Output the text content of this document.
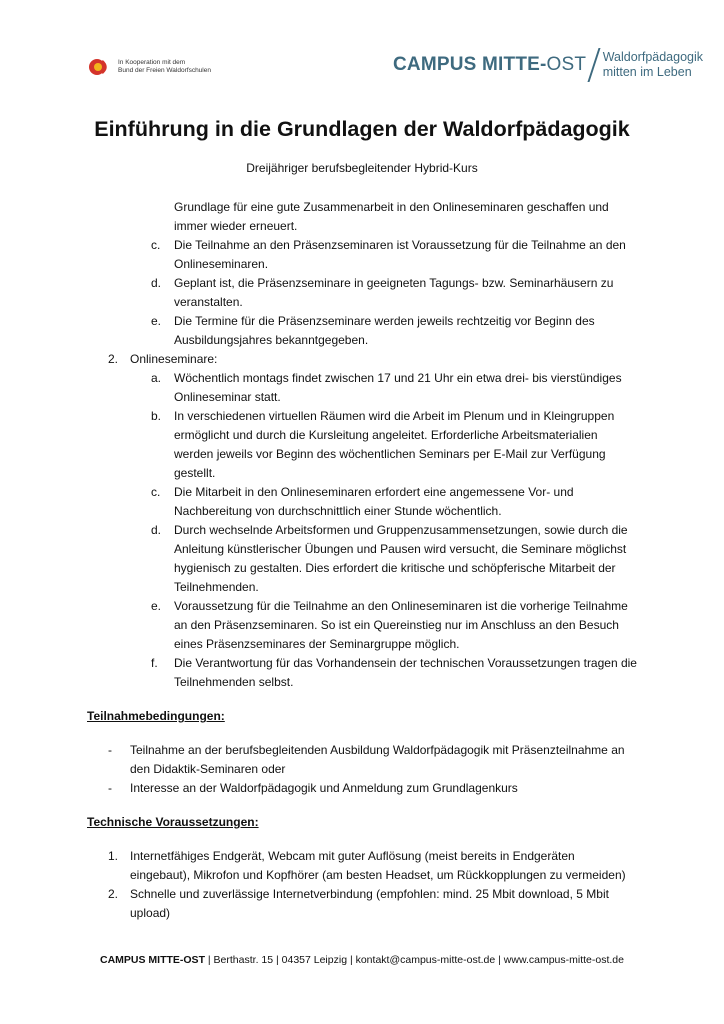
In Kooperation mit dem
Bund der Freien Waldorfschulen	CAMPUS MITTE-OST Waldorfpädagogik
mitten im Leben
Einführung in die Grundlagen der Waldorfpädagogik
Dreijähriger berufsbegleitender Hybrid-Kurs
Grundlage für eine gute Zusammenarbeit in den Onlineseminaren geschaffen und immer wieder erneuert.
c. Die Teilnahme an den Präsenzseminaren ist Voraussetzung für die Teilnahme an den Onlineseminaren.
d. Geplant ist, die Präsenzseminare in geeigneten Tagungs- bzw. Seminarhäusern zu veranstalten.
e. Die Termine für die Präsenzseminare werden jeweils rechtzeitig vor Beginn des Ausbildungsjahres bekanntgegeben.
2. Onlineseminare:
a. Wöchentlich montags findet zwischen 17 und 21 Uhr ein etwa drei- bis vierstündiges Onlineseminar statt.
b. In verschiedenen virtuellen Räumen wird die Arbeit im Plenum und in Kleingruppen ermöglicht und durch die Kursleitung angeleitet. Erforderliche Arbeitsmaterialien werden jeweils vor Beginn des wöchentlichen Seminars per E-Mail zur Verfügung gestellt.
c. Die Mitarbeit in den Onlineseminaren erfordert eine angemessene Vor- und Nachbereitung von durchschnittlich einer Stunde wöchentlich.
d. Durch wechselnde Arbeitsformen und Gruppenzusammensetzungen, sowie durch die Anleitung künstlerischer Übungen und Pausen wird versucht, die Seminare möglichst hygienisch zu gestalten. Dies erfordert die kritische und schöpferische Mitarbeit der Teilnehmenden.
e. Voraussetzung für die Teilnahme an den Onlineseminaren ist die vorherige Teilnahme an den Präsenzseminaren. So ist ein Quereinstieg nur im Anschluss an den Besuch eines Präsenzseminares der Seminargruppe möglich.
f. Die Verantwortung für das Vorhandensein der technischen Voraussetzungen tragen die Teilnehmenden selbst.
Teilnahmebedingungen:
- Teilnahme an der berufsbegleitenden Ausbildung Waldorfpädagogik mit Präsenzteilnahme an den Didaktik-Seminaren oder
- Interesse an der Waldorfpädagogik und Anmeldung zum Grundlagenkurs
Technische Voraussetzungen:
1. Internetfähiges Endgerät, Webcam mit guter Auflösung (meist bereits in Endgeräten eingebaut), Mikrofon und Kopfhörer (am besten Headset, um Rückkopplungen zu vermeiden)
2. Schnelle und zuverlässige Internetverbindung (empfohlen: mind. 25 Mbit download, 5 Mbit upload)
CAMPUS MITTE-OST | Berthastr. 15 | 04357 Leipzig | kontakt@campus-mitte-ost.de | www.campus-mitte-ost.de
